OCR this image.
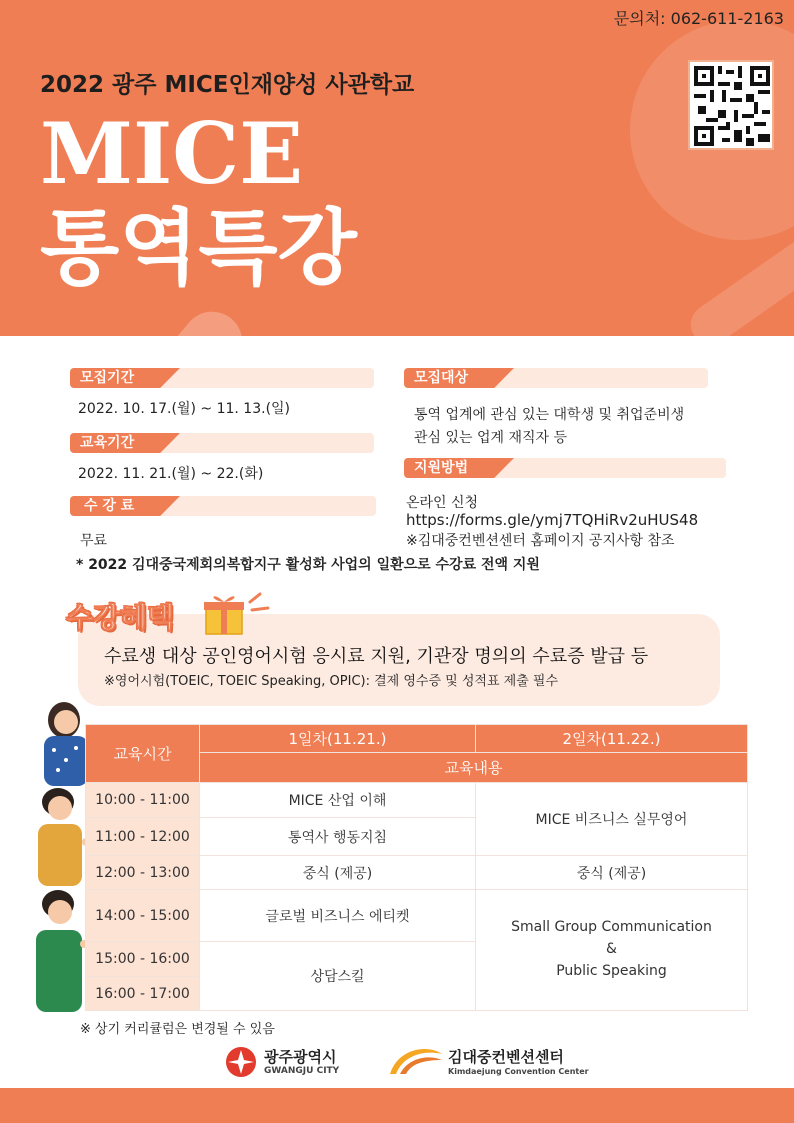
문의처: 062-611-2163
2022 광주 MICE인재양성 사관학교
MICE
통역특강
모집기간
2022. 10. 17.(월) ~ 11. 13.(일)
교육기간
2022. 11. 21.(월) ~ 22.(화)
수 강 료
무료
모집대상
통역 업계에 관심 있는 대학생 및 취업준비생
관심 있는 업계 재직자 등
지원방법
온라인 신청
https://forms.gle/ymj7TQHiRv2uHUS48
※김대중컨벤션센터 홈페이지 공지사항 참조
* 2022 김대중국제회의복합지구 활성화 사업의 일환으로 수강료 전액 지원
수강혜택
수료생 대상 공인영어시험 응시료 지원, 기관장 명의의 수료증 발급 등
※영어시험(TOEIC, TOEIC Speaking, OPIC): 결제 영수증 및 성적표 제출 필수
교육시간	1일차(11.21.)	2일차(11.22.)
	교육내용	
10:00 - 11:00	MICE 산업 이해	MICE 비즈니스 실무영어
11:00 - 12:00	통역사 행동지침	
12:00 - 13:00	중식 (제공)	중식 (제공)
14:00 - 15:00	글로벌 비즈니스 에티켓	Small Group Communication
&
Public Speaking

15:00 - 16:00	상담스킬	
16:00 - 17:00		
※ 상기 커리큘럼은 변경될 수 있음
광주광역시
GWANGJU CITY
김대중컨벤션센터
Kimdaejung Convention Center
